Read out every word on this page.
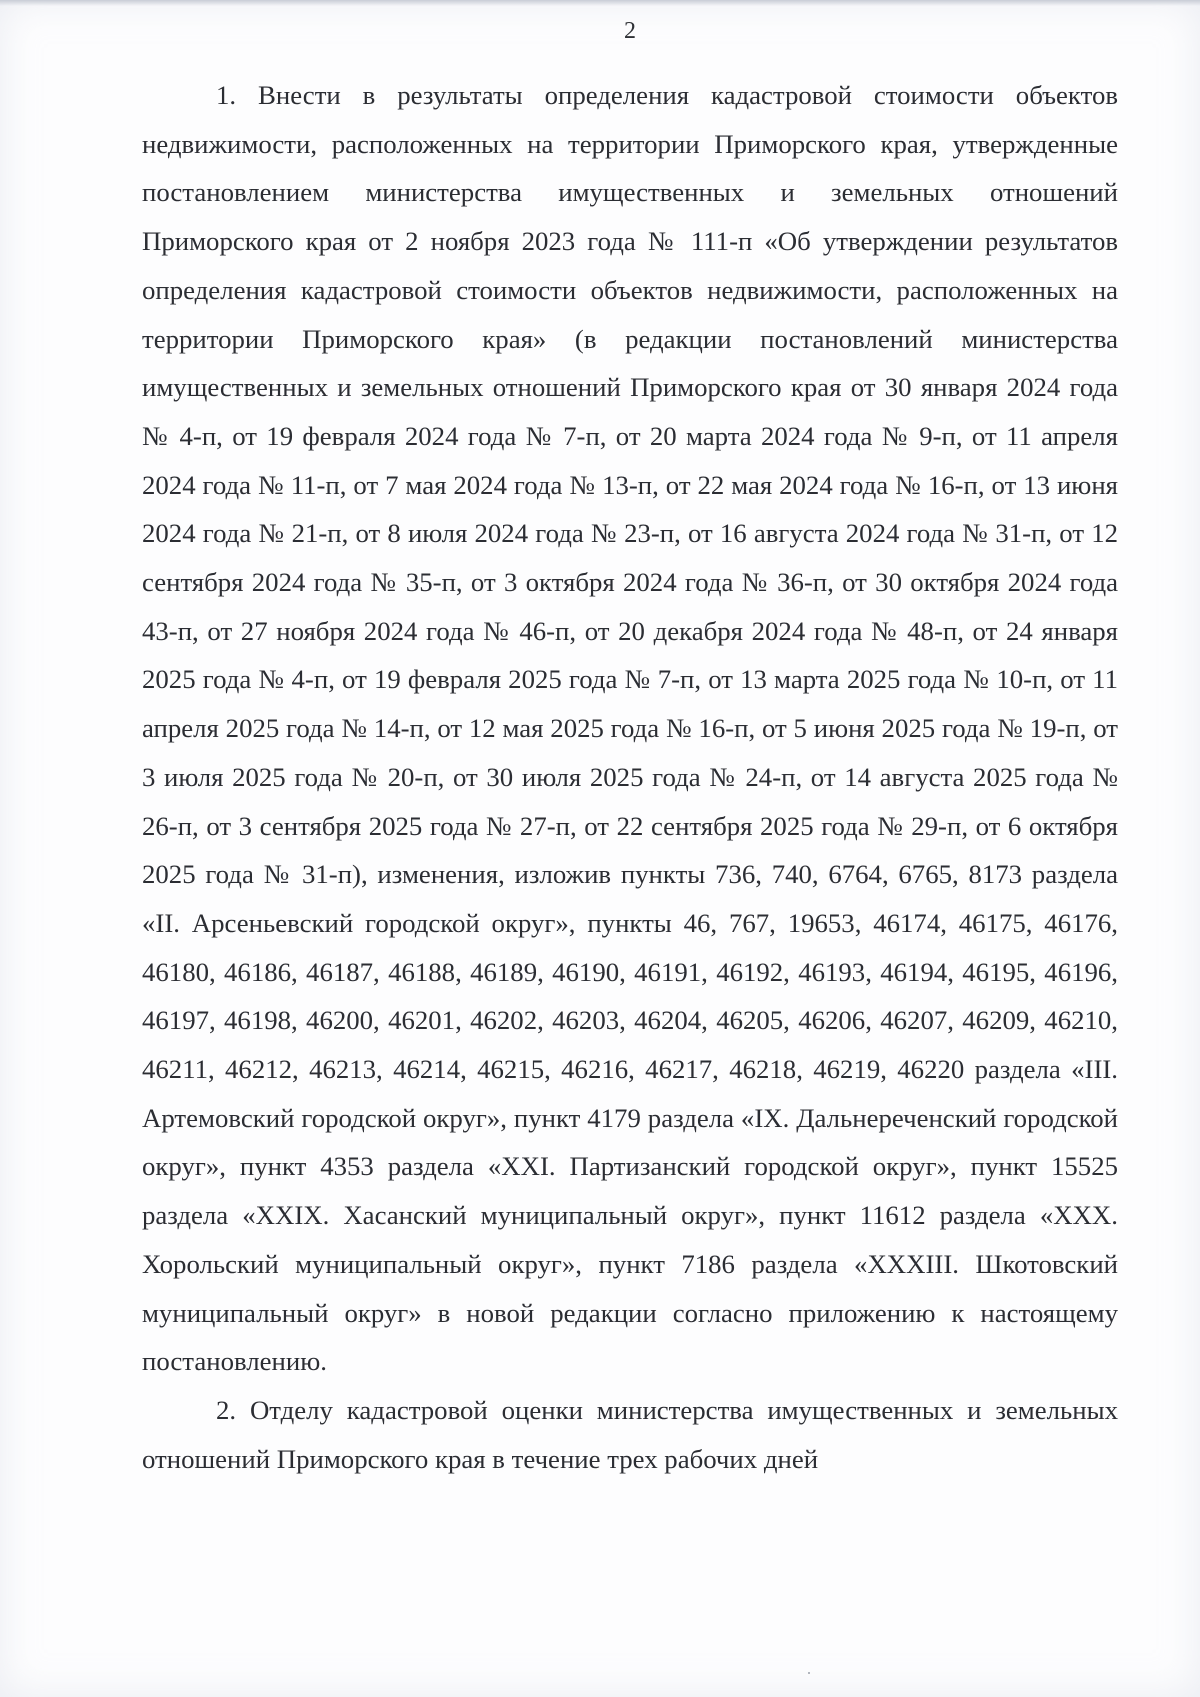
2

1. Внести в результаты определения кадастровой стоимости объектов недвижимости, расположенных на территории Приморского края, утвержденные постановлением министерства имущественных и земельных отношений Приморского края от 2 ноября 2023 года № 111-п «Об утверждении результатов определения кадастровой стоимости объектов недвижимости, расположенных на территории Приморского края» (в редакции постановлений министерства имущественных и земельных отношений Приморского края от 30 января 2024 года № 4-п, от 19 февраля 2024 года № 7-п, от 20 марта 2024 года № 9-п, от 11 апреля 2024 года № 11-п, от 7 мая 2024 года № 13-п, от 22 мая 2024 года № 16-п, от 13 июня 2024 года № 21-п, от 8 июля 2024 года № 23-п, от 16 августа 2024 года № 31-п, от 12 сентября 2024 года № 35-п, от 3 октября 2024 года № 36-п, от 30 октября 2024 года 43-п, от 27 ноября 2024 года № 46-п, от 20 декабря 2024 года № 48-п, от 24 января 2025 года № 4-п, от 19 февраля 2025 года № 7-п, от 13 марта 2025 года № 10-п, от 11 апреля 2025 года № 14-п, от 12 мая 2025 года № 16-п, от 5 июня 2025 года № 19-п, от 3 июля 2025 года № 20-п, от 30 июля 2025 года № 24-п, от 14 августа 2025 года № 26-п, от 3 сентября 2025 года № 27-п, от 22 сентября 2025 года № 29-п, от 6 октября 2025 года № 31-п), изменения, изложив пункты 736, 740, 6764, 6765, 8173 раздела «II. Арсеньевский городской округ», пункты 46, 767, 19653, 46174, 46175, 46176, 46180, 46186, 46187, 46188, 46189, 46190, 46191, 46192, 46193, 46194, 46195, 46196, 46197, 46198, 46200, 46201, 46202, 46203, 46204, 46205, 46206, 46207, 46209, 46210, 46211, 46212, 46213, 46214, 46215, 46216, 46217, 46218, 46219, 46220 раздела «III. Артемовский городской округ», пункт 4179 раздела «IX. Дальнереченский городской округ», пункт 4353 раздела «XXI. Партизанский городской округ», пункт 15525 раздела «XXIX. Хасанский муниципальный округ», пункт 11612 раздела «XXX. Хорольский муниципальный округ», пункт 7186 раздела «XXXIII. Шкотовский муниципальный округ» в новой редакции согласно приложению к настоящему постановлению.

2. Отделу кадастровой оценки министерства имущественных и земельных отношений Приморского края в течение трех рабочих дней
